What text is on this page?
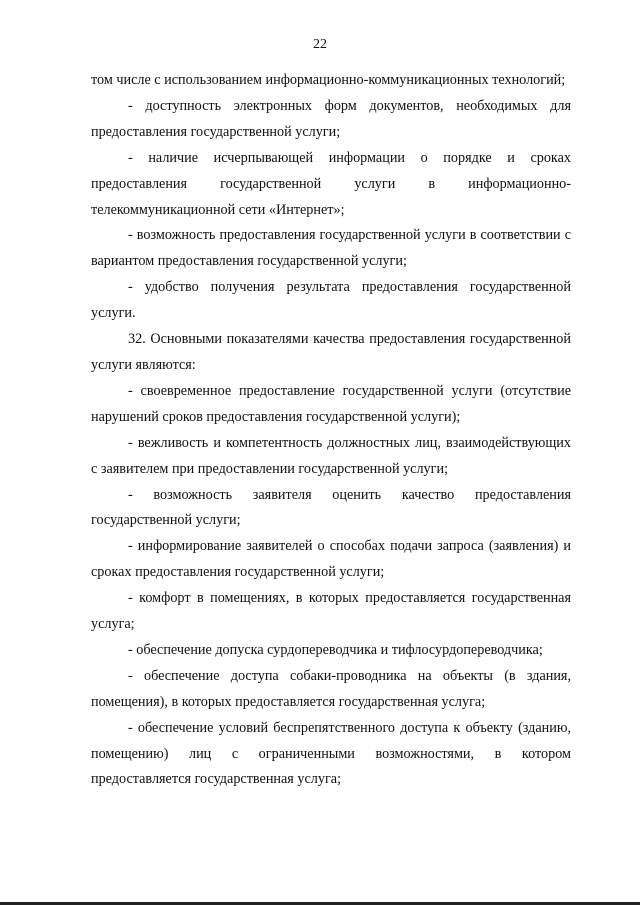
22

том числе с использованием информационно-коммуникационных технологий;

- доступность электронных форм документов, необходимых для предоставления государственной услуги;

- наличие исчерпывающей информации о порядке и сроках предоставления государственной услуги в информационно-телекоммуникационной сети «Интернет»;

- возможность предоставления государственной услуги в соответствии с вариантом предоставления государственной услуги;

- удобство получения результата предоставления государственной услуги.

32. Основными показателями качества предоставления государственной услуги являются:

- своевременное предоставление государственной услуги (отсутствие нарушений сроков предоставления государственной услуги);

- вежливость и компетентность должностных лиц, взаимодействующих с заявителем при предоставлении государственной услуги;

- возможность заявителя оценить качество предоставления государственной услуги;

- информирование заявителей о способах подачи запроса (заявления) и сроках предоставления государственной услуги;

- комфорт в помещениях, в которых предоставляется государственная услуга;

- обеспечение допуска сурдопереводчика и тифлосурдопереводчика;

- обеспечение доступа собаки-проводника на объекты (в здания, помещения), в которых предоставляется государственная услуга;

- обеспечение условий беспрепятственного доступа к объекту (зданию, помещению) лиц с ограниченными возможностями, в котором предоставляется государственная услуга;
